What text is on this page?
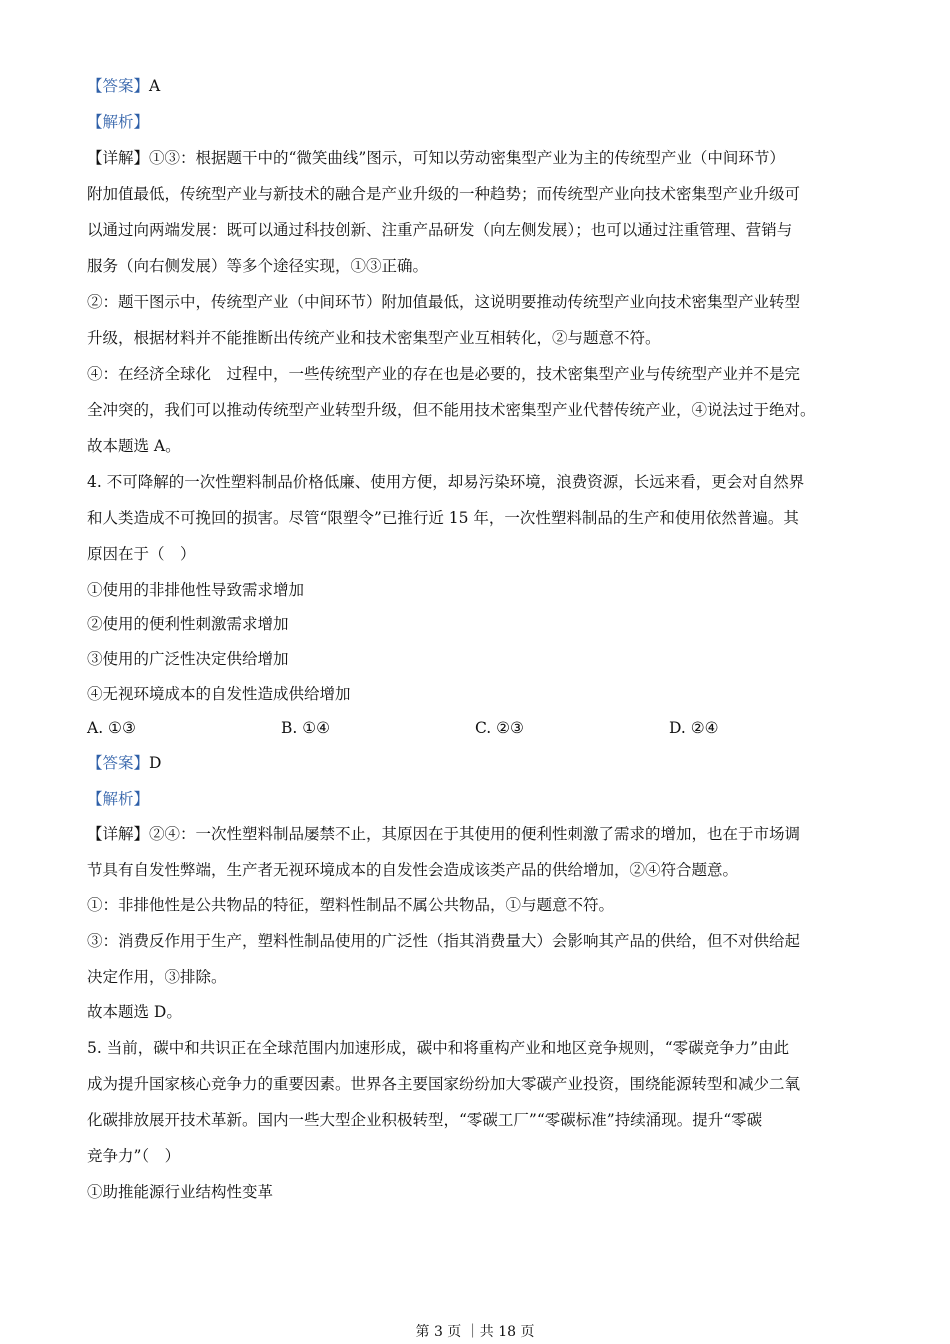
【答案】A
【解析】
【详解】①③：根据题干中的“微笑曲线”图示，可知以劳动密集型产业为主的传统型产业（中间环节）
附加值最低，传统型产业与新技术的融合是产业升级的一种趋势；而传统型产业向技术密集型产业升级可
以通过向两端发展：既可以通过科技创新、注重产品研发（向左侧发展）；也可以通过注重管理、营销与
服务（向右侧发展）等多个途径实现，①③正确。
②：题干图示中，传统型产业（中间环节）附加值最低，这说明要推动传统型产业向技术密集型产业转型
升级，根据材料并不能推断出传统产业和技术密集型产业互相转化，②与题意不符。
④：在经济全球化　过程中，一些传统型产业的存在也是必要的，技术密集型产业与传统型产业并不是完
全冲突的，我们可以推动传统型产业转型升级，但不能用技术密集型产业代替传统产业，④说法过于绝对。
故本题选 A。
4. 不可降解的一次性塑料制品价格低廉、使用方便，却易污染环境，浪费资源，长远来看，更会对自然界
和人类造成不可挽回的损害。尽管“限塑令”已推行近 15 年，一次性塑料制品的生产和使用依然普遍。其
原因在于（　）
①使用的非排他性导致需求增加
②使用的便利性刺激需求增加
③使用的广泛性决定供给增加
④无视环境成本的自发性造成供给增加
A. ①③	B. ①④	C. ②③	D. ②④
【答案】D
【解析】
【详解】②④：一次性塑料制品屡禁不止，其原因在于其使用的便利性刺激了需求的增加，也在于市场调
节具有自发性弊端，生产者无视环境成本的自发性会造成该类产品的供给增加，②④符合题意。
①：非排他性是公共物品的特征，塑料性制品不属公共物品，①与题意不符。
③：消费反作用于生产，塑料性制品使用的广泛性（指其消费量大）会影响其产品的供给，但不对供给起
决定作用，③排除。
故本题选 D。
5. 当前，碳中和共识正在全球范围内加速形成，碳中和将重构产业和地区竞争规则，“零碳竞争力”由此
成为提升国家核心竞争力的重要因素。世界各主要国家纷纷加大零碳产业投资，围绕能源转型和减少二氧
化碳排放展开技术革新。国内一些大型企业积极转型，“零碳工厂”“零碳标准”持续涌现。提升“零碳
竞争力”（　）
①助推能源行业结构性变革
第 3 页 ｜共 18 页
